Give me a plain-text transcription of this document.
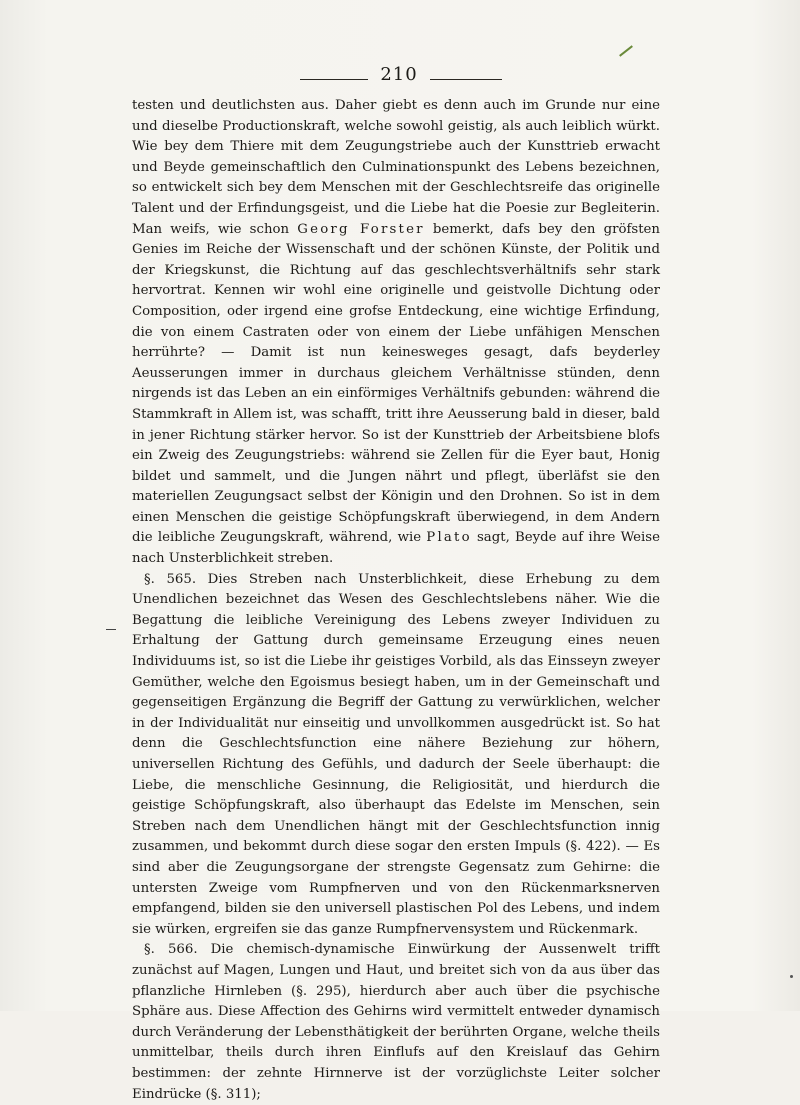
210

testen und deutlichsten aus. Daher giebt es denn auch im Grunde nur eine und dieselbe Productionskraft, welche sowohl geistig, als auch leiblich würkt. Wie bey dem Thiere mit dem Zeugungstriebe auch der Kunsttrieb erwacht und Beyde gemeinschaftlich den Culminationspunkt des Lebens bezeichnen, so entwickelt sich bey dem Menschen mit der Geschlechtsreife das originelle Talent und der Erfindungsgeist, und die Liebe hat die Poesie zur Begleiterin. Man weifs, wie schon Georg Forster bemerkt, dafs bey den gröfsten Genies im Reiche der Wissenschaft und der schönen Künste, der Politik und der Kriegskunst, die Richtung auf das geschlechtsverhältnifs sehr stark hervortrat. Kennen wir wohl eine originelle und geistvolle Dichtung oder Composition, oder irgend eine grofse Entdeckung, eine wichtige Erfindung, die von einem Castraten oder von einem der Liebe unfähigen Menschen herrührte? — Damit ist nun keinesweges gesagt, dafs beyderley Aeusserungen immer in durchaus gleichem Verhältnisse stünden, denn nirgends ist das Leben an ein einförmiges Verhältnifs gebunden: während die Stammkraft in Allem ist, was schafft, tritt ihre Aeusserung bald in dieser, bald in jener Richtung stärker hervor. So ist der Kunsttrieb der Arbeitsbiene blofs ein Zweig des Zeugungstriebs: während sie Zellen für die Eyer baut, Honig bildet und sammelt, und die Jungen nährt und pflegt, überläfst sie den materiellen Zeugungsact selbst der Königin und den Drohnen. So ist in dem einen Menschen die geistige Schöpfungskraft überwiegend, in dem Andern die leibliche Zeugungskraft, während, wie Plato sagt, Beyde auf ihre Weise nach Unsterblichkeit streben.

§. 565. Dies Streben nach Unsterblichkeit, diese Erhebung zu dem Unendlichen bezeichnet das Wesen des Geschlechtslebens näher. Wie die Begattung die leibliche Vereinigung des Lebens zweyer Individuen zu Erhaltung der Gattung durch gemeinsame Erzeugung eines neuen Individuums ist, so ist die Liebe ihr geistiges Vorbild, als das Einsseyn zweyer Gemüther, welche den Egoismus besiegt haben, um in der Gemeinschaft und gegenseitigen Ergänzung die Begriff der Gattung zu verwürklichen, welcher in der Individualität nur einseitig und unvollkommen ausgedrückt ist. So hat denn die Geschlechtsfunction eine nähere Beziehung zur höhern, universellen Richtung des Gefühls, und dadurch der Seele überhaupt: die Liebe, die menschliche Gesinnung, die Religiosität, und hierdurch die geistige Schöpfungskraft, also überhaupt das Edelste im Menschen, sein Streben nach dem Unendlichen hängt mit der Geschlechtsfunction innig zusammen, und bekommt durch diese sogar den ersten Impuls (§. 422). — Es sind aber die Zeugungsorgane der strengste Gegensatz zum Gehirne: die untersten Zweige vom Rumpfnerven und von den Rückenmarksnerven empfangend, bilden sie den universell plastischen Pol des Lebens, und indem sie würken, ergreifen sie das ganze Rumpfnervensystem und Rückenmark.

§. 566. Die chemisch-dynamische Einwürkung der Aussenwelt trifft zunächst auf Magen, Lungen und Haut, und breitet sich von da aus über das pflanzliche Hirnleben (§. 295), hierdurch aber auch über die psychische Sphäre aus. Diese Affection des Gehirns wird vermittelt entweder dynamisch durch Veränderung der Lebensthätigkeit der berührten Organe, welche theils unmittelbar, theils durch ihren Einflufs auf den Kreislauf das Gehirn bestimmen: der zehnte Hirnnerve ist der vorzüglichste Leiter solcher Eindrücke (§. 311);
